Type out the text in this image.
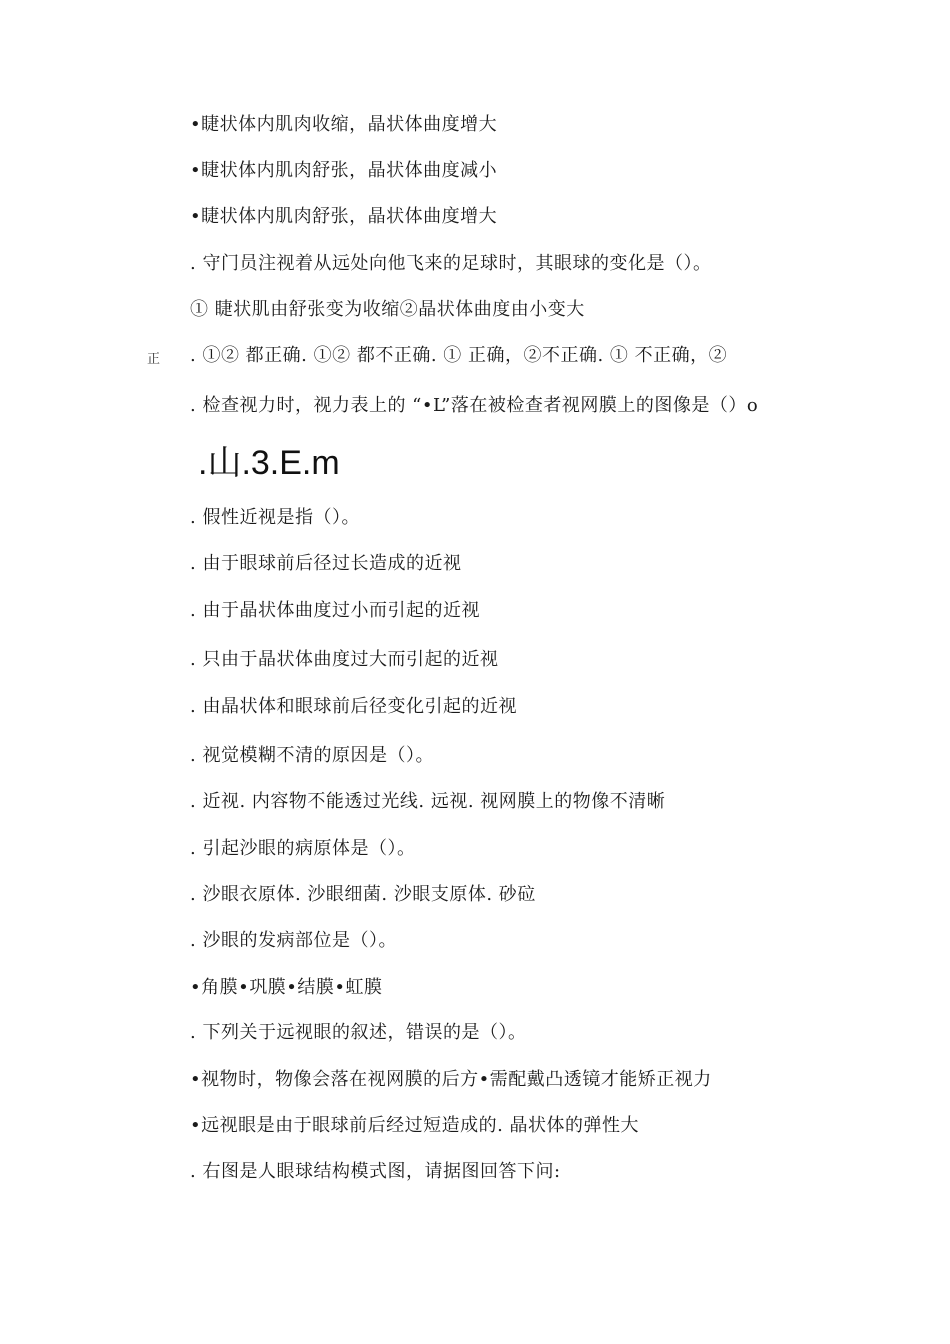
•睫状体内肌肉收缩，晶状体曲度增大
•睫状体内肌肉舒张，晶状体曲度减小
•睫状体内肌肉舒张，晶状体曲度增大
. 守门员注视着从远处向他飞来的足球时，其眼球的变化是（）。
① 睫状肌由舒张变为收缩②晶状体曲度由小变大
正 . ①② 都正确. ①② 都不正确. ① 正确，②不正确. ① 不正确，②
. 检查视力时，视力表上的 “•L”落在被检查者视网膜上的图像是（）o
.山.3.E.m
. 假性近视是指（）。
. 由于眼球前后径过长造成的近视
. 由于晶状体曲度过小而引起的近视
. 只由于晶状体曲度过大而引起的近视
. 由晶状体和眼球前后径变化引起的近视
. 视觉模糊不清的原因是（）。
. 近视. 内容物不能透过光线. 远视. 视网膜上的物像不清晰
. 引起沙眼的病原体是（）。
. 沙眼衣原体. 沙眼细菌. 沙眼支原体. 砂砬
. 沙眼的发病部位是（）。
•角膜•巩膜•结膜•虹膜
. 下列关于远视眼的叙述，错误的是（）。
•视物时，物像会落在视网膜的后方•需配戴凸透镜才能矫正视力
•远视眼是由于眼球前后经过短造成的. 晶状体的弹性大
. 右图是人眼球结构模式图，请据图回答下问:
